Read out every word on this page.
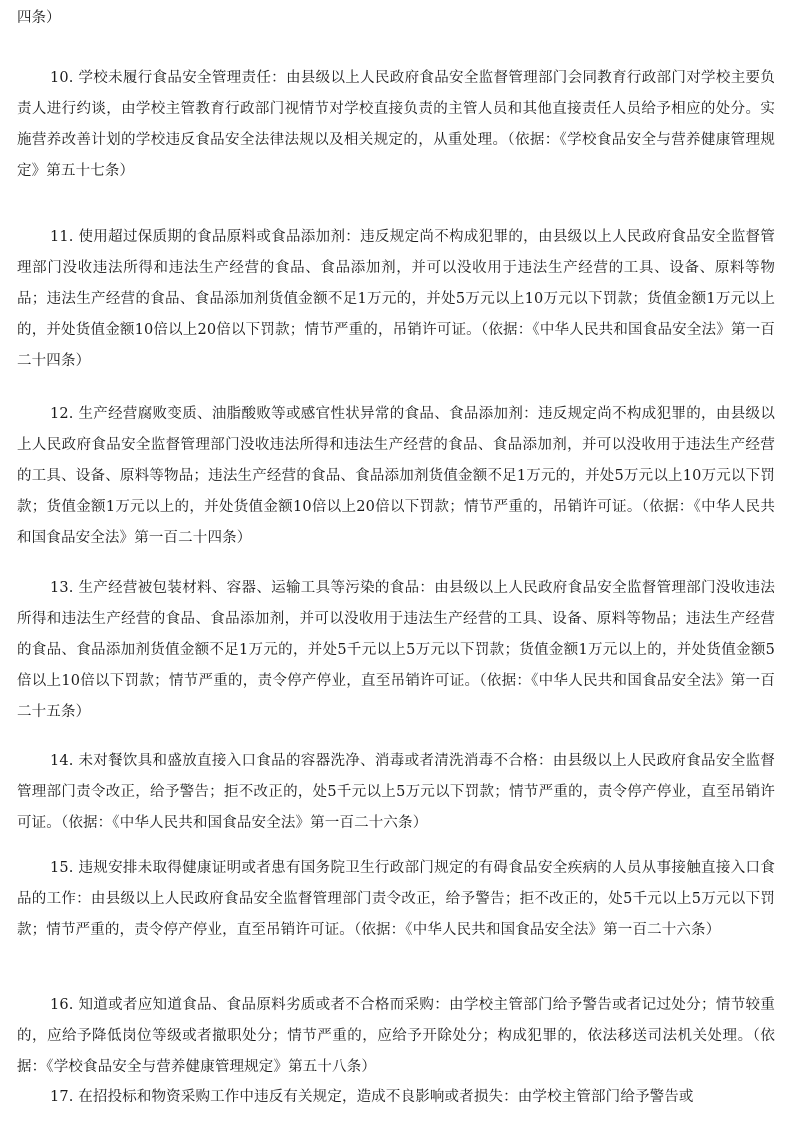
四条）

10. 学校未履行食品安全管理责任：由县级以上人民政府食品安全监督管理部门会同教育行政部门对学校主要负责人进行约谈，由学校主管教育行政部门视情节对学校直接负责的主管人员和其他直接责任人员给予相应的处分。实施营养改善计划的学校违反食品安全法律法规以及相关规定的，从重处理。（依据：《学校食品安全与营养健康管理规定》第五十七条）

11. 使用超过保质期的食品原料或食品添加剂：违反规定尚不构成犯罪的，由县级以上人民政府食品安全监督管理部门没收违法所得和违法生产经营的食品、食品添加剂，并可以没收用于违法生产经营的工具、设备、原料等物品；违法生产经营的食品、食品添加剂货值金额不足1万元的，并处5万元以上10万元以下罚款；货值金额1万元以上的，并处货值金额10倍以上20倍以下罚款；情节严重的，吊销许可证。（依据：《中华人民共和国食品安全法》第一百二十四条）

12. 生产经营腐败变质、油脂酸败等或感官性状异常的食品、食品添加剂：违反规定尚不构成犯罪的，由县级以上人民政府食品安全监督管理部门没收违法所得和违法生产经营的食品、食品添加剂，并可以没收用于违法生产经营的工具、设备、原料等物品；违法生产经营的食品、食品添加剂货值金额不足1万元的，并处5万元以上10万元以下罚款；货值金额1万元以上的，并处货值金额10倍以上20倍以下罚款；情节严重的，吊销许可证。（依据：《中华人民共和国食品安全法》第一百二十四条）

13. 生产经营被包装材料、容器、运输工具等污染的食品：由县级以上人民政府食品安全监督管理部门没收违法所得和违法生产经营的食品、食品添加剂，并可以没收用于违法生产经营的工具、设备、原料等物品；违法生产经营的食品、食品添加剂货值金额不足1万元的，并处5千元以上5万元以下罚款；货值金额1万元以上的，并处货值金额5倍以上10倍以下罚款；情节严重的，责令停产停业，直至吊销许可证。（依据：《中华人民共和国食品安全法》第一百二十五条）

14. 未对餐饮具和盛放直接入口食品的容器洗净、消毒或者清洗消毒不合格：由县级以上人民政府食品安全监督管理部门责令改正，给予警告；拒不改正的，处5千元以上5万元以下罚款；情节严重的，责令停产停业，直至吊销许可证。（依据：《中华人民共和国食品安全法》第一百二十六条）

15. 违规安排未取得健康证明或者患有国务院卫生行政部门规定的有碍食品安全疾病的人员从事接触直接入口食品的工作：由县级以上人民政府食品安全监督管理部门责令改正，给予警告；拒不改正的，处5千元以上5万元以下罚款；情节严重的，责令停产停业，直至吊销许可证。（依据：《中华人民共和国食品安全法》第一百二十六条）

16. 知道或者应知道食品、食品原料劣质或者不合格而采购：由学校主管部门给予警告或者记过处分；情节较重的，应给予降低岗位等级或者撤职处分；情节严重的，应给予开除处分；构成犯罪的，依法移送司法机关处理。（依据：《学校食品安全与营养健康管理规定》第五十八条）

17. 在招投标和物资采购工作中违反有关规定，造成不良影响或者损失：由学校主管部门给予警告或
